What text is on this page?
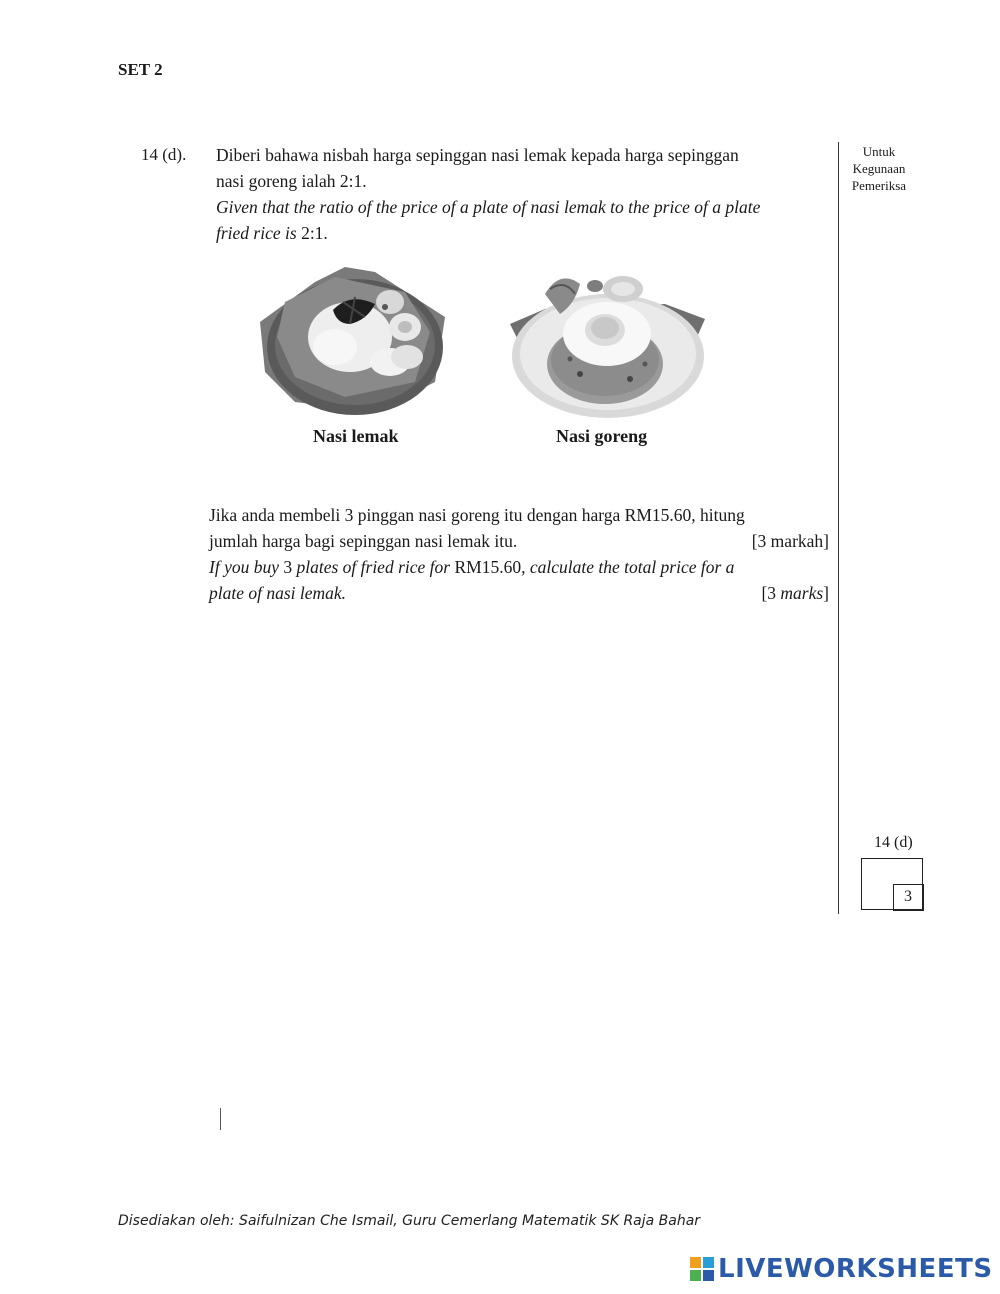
SET 2
14 (d). Diberi bahawa nisbah harga sepinggan nasi lemak kepada harga sepinggan
nasi goreng ialah 2:1.
Given that the ratio of the price of a plate of nasi lemak to the price of a plate
fried rice is 2:1.
Untuk
Kegunaan
Pemeriksa
Nasi lemak	Nasi goreng
Jika anda membeli 3 pinggan nasi goreng itu dengan harga RM15.60, hitung
jumlah harga bagi sepinggan nasi lemak itu.	[3 markah]
If you buy 3 plates of fried rice for RM15.60, calculate the total price for a
plate of nasi lemak.	[3 marks]
14 (d)
3
Disediakan oleh: Saifulnizan Che Ismail, Guru Cemerlang Matematik SK Raja Bahar
LIVEWORKSHEETS
